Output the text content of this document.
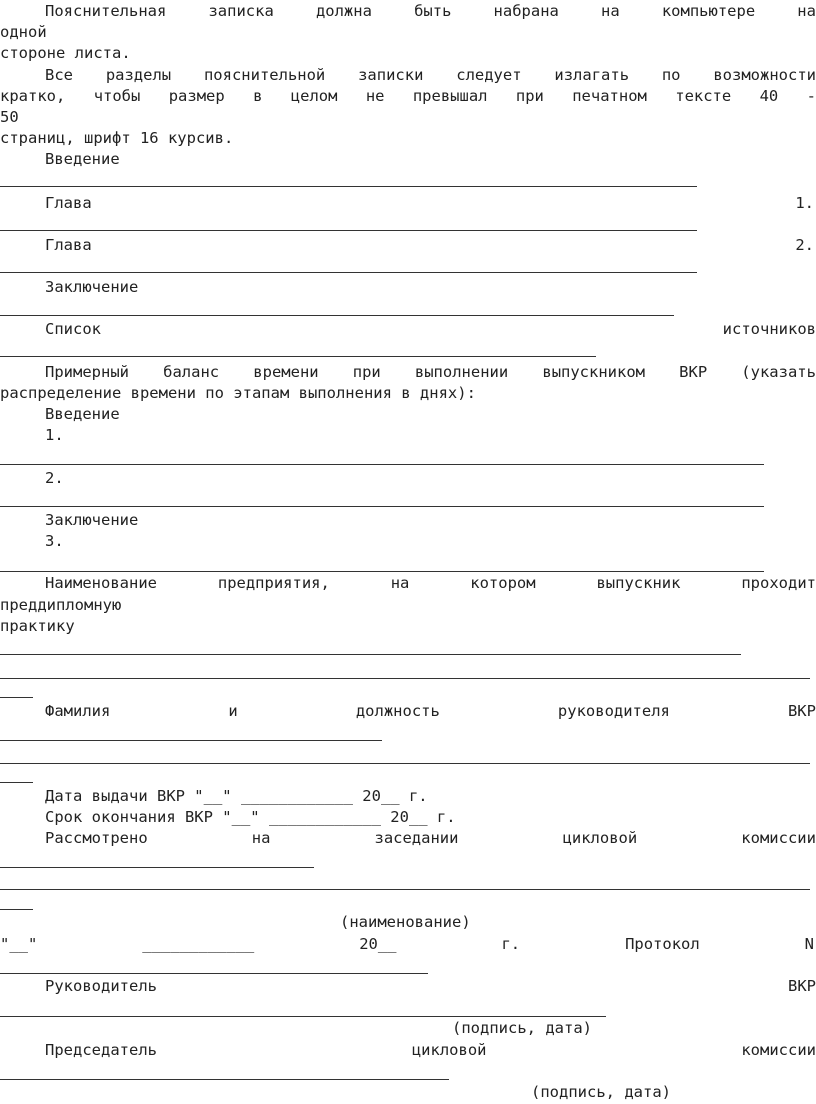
Пояснительная	записка	должна	быть	набрана	на	компьютере	на
одной
стороне листа.
Все разделы пояснительной записки следует излагать по возможности
кратко, чтобы размер в целом не превышал при печатном тексте 40 -
50
страниц, шрифт 16 курсив.
Введение
Глава	1.
Глава	2.
Заключение
Список	источников
Примерный баланс времени при выполнении выпускником ВКР (указать
распределение времени по этапам выполнения в днях):
Введение
1.
2.
Заключение
3.
Наименование	предприятия,	на	котором	выпускник	проходит
преддипломную
практику
Фамилия	и	должность	руководителя	ВКР
Дата выдачи ВКР "__" ____________ 20__ г.
Срок окончания ВКР "__" ____________ 20__ г.
Рассмотрено	на	заседании	цикловой	комиссии
(наименование)
"__"	____________	20__	г.	Протокол	N
Руководитель	ВКР
(подпись, дата)
Председатель	цикловой	комиссии
(подпись, дата)
